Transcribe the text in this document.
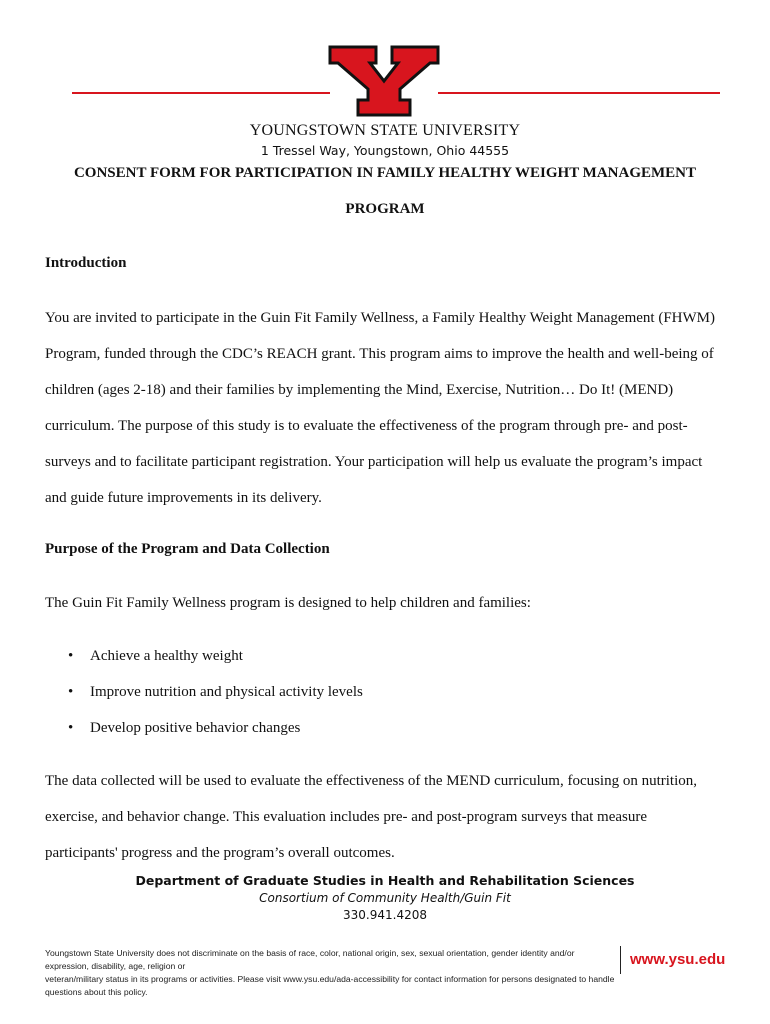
YOUNGSTOWN STATE UNIVERSITY
1 Tressel Way, Youngstown, Ohio 44555
CONSENT FORM FOR PARTICIPATION IN FAMILY HEALTHY WEIGHT MANAGEMENT
PROGRAM
Introduction
You are invited to participate in the Guin Fit Family Wellness, a Family Healthy Weight Management (FHWM)
Program, funded through the CDC’s REACH grant. This program aims to improve the health and well-being of
children (ages 2-18) and their families by implementing the Mind, Exercise, Nutrition… Do It! (MEND)
curriculum. The purpose of this study is to evaluate the effectiveness of the program through pre- and post-
surveys and to facilitate participant registration. Your participation will help us evaluate the program’s impact
and guide future improvements in its delivery.
Purpose of the Program and Data Collection
The Guin Fit Family Wellness program is designed to help children and families:
• Achieve a healthy weight
• Improve nutrition and physical activity levels
• Develop positive behavior changes
The data collected will be used to evaluate the effectiveness of the MEND curriculum, focusing on nutrition,
exercise, and behavior change. This evaluation includes pre- and post-program surveys that measure
participants' progress and the program’s overall outcomes.
Department of Graduate Studies in Health and Rehabilitation Sciences
Consortium of Community Health/Guin Fit
330.941.4208
Youngstown State University does not discriminate on the basis of race, color, national origin, sex, sexual orientation, gender identity and/or expression, disability, age, religion or
veteran/military status in its programs or activities. Please visit www.ysu.edu/ada-accessibility for contact information for persons designated to handle questions about this policy.
www.ysu.edu
